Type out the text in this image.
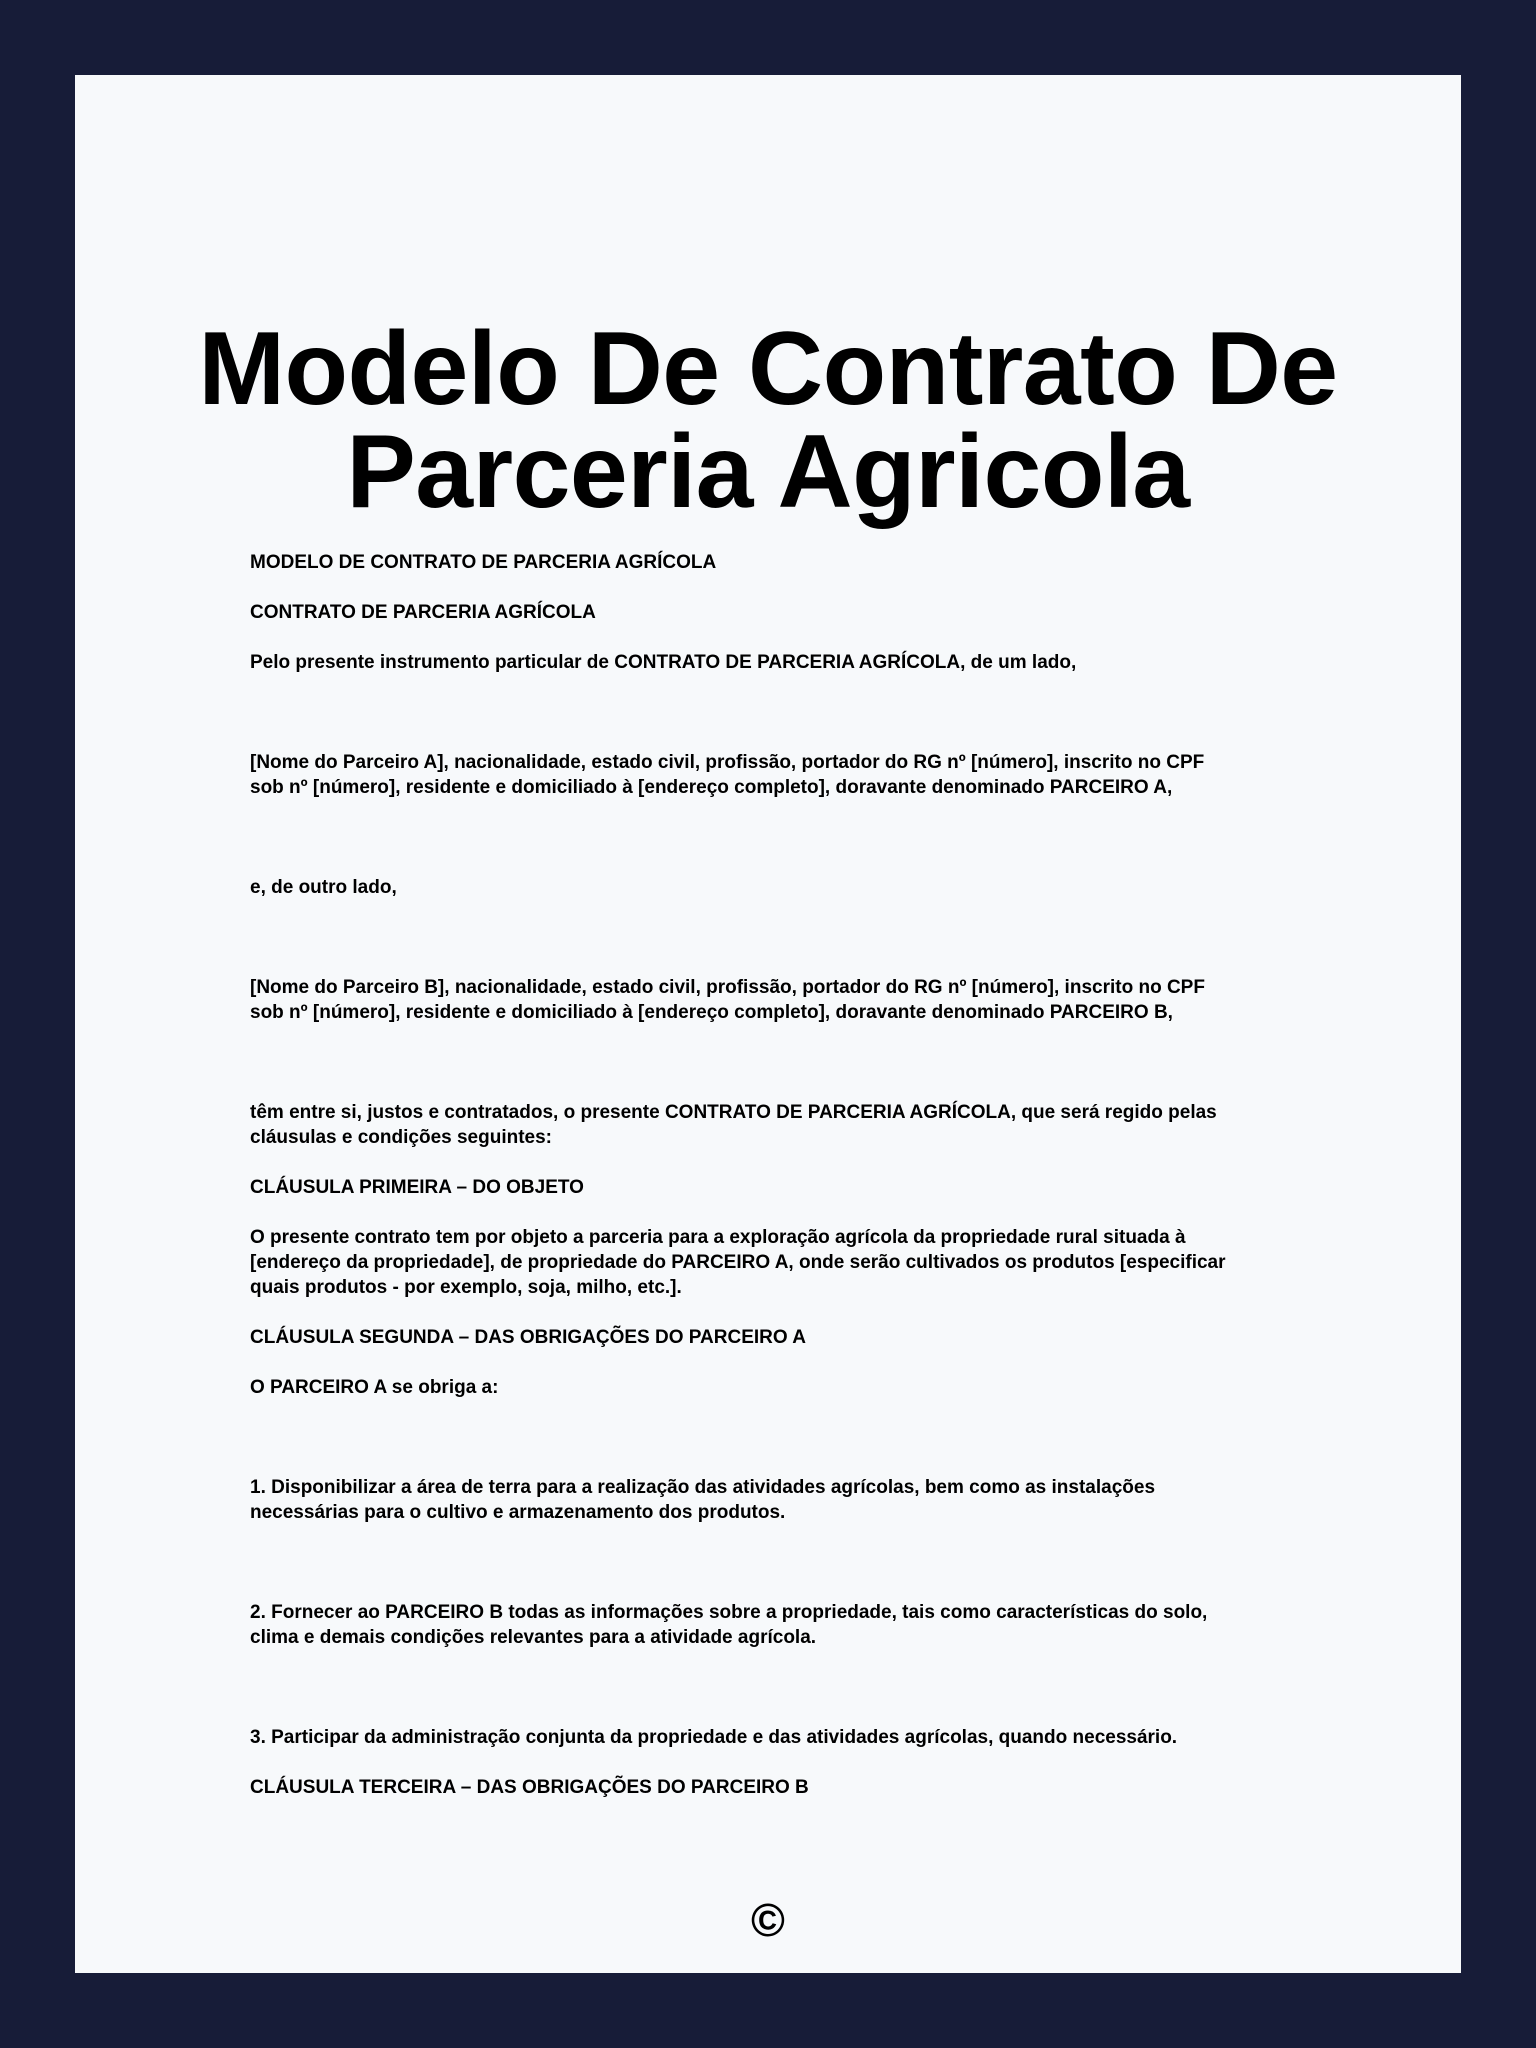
Modelo De Contrato De
Parceria Agricola

MODELO DE CONTRATO DE PARCERIA AGRÍCOLA

CONTRATO DE PARCERIA AGRÍCOLA

Pelo presente instrumento particular de CONTRATO DE PARCERIA AGRÍCOLA, de um lado,

[Nome do Parceiro A], nacionalidade, estado civil, profissão, portador do RG nº [número], inscrito no CPF
sob nº [número], residente e domiciliado à [endereço completo], doravante denominado PARCEIRO A,

e, de outro lado,

[Nome do Parceiro B], nacionalidade, estado civil, profissão, portador do RG nº [número], inscrito no CPF
sob nº [número], residente e domiciliado à [endereço completo], doravante denominado PARCEIRO B,

têm entre si, justos e contratados, o presente CONTRATO DE PARCERIA AGRÍCOLA, que será regido pelas
cláusulas e condições seguintes:

CLÁUSULA PRIMEIRA – DO OBJETO

O presente contrato tem por objeto a parceria para a exploração agrícola da propriedade rural situada à
[endereço da propriedade], de propriedade do PARCEIRO A, onde serão cultivados os produtos [especificar
quais produtos - por exemplo, soja, milho, etc.].

CLÁUSULA SEGUNDA – DAS OBRIGAÇÕES DO PARCEIRO A

O PARCEIRO A se obriga a:

1. Disponibilizar a área de terra para a realização das atividades agrícolas, bem como as instalações
necessárias para o cultivo e armazenamento dos produtos.

2. Fornecer ao PARCEIRO B todas as informações sobre a propriedade, tais como características do solo,
clima e demais condições relevantes para a atividade agrícola.

3. Participar da administração conjunta da propriedade e das atividades agrícolas, quando necessário.

CLÁUSULA TERCEIRA – DAS OBRIGAÇÕES DO PARCEIRO B

©
